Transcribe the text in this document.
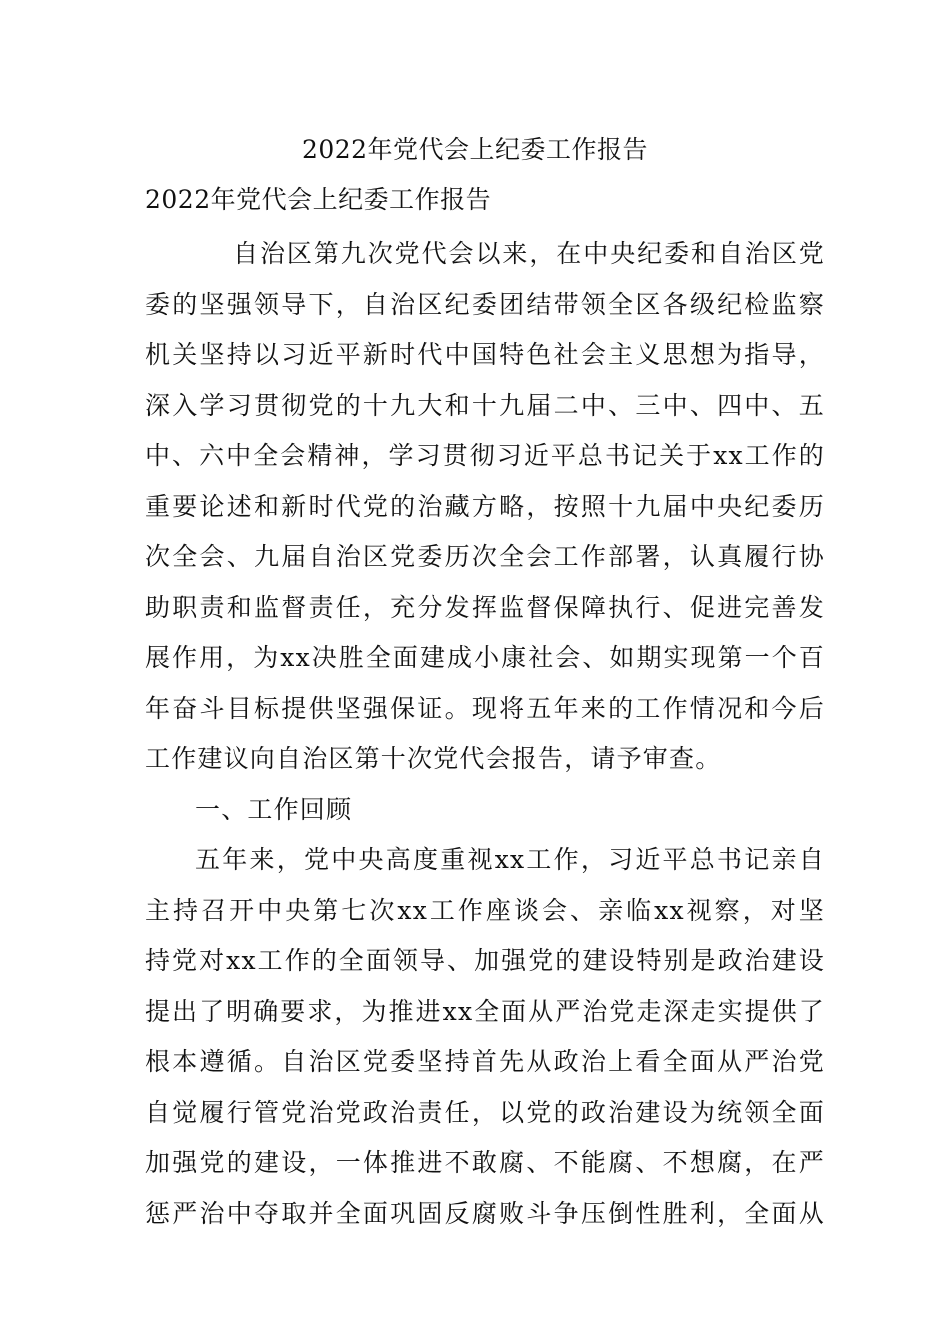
2022年党代会上纪委工作报告
2022年党代会上纪委工作报告
自治区第九次党代会以来，在中央纪委和自治区党
委的坚强领导下，自治区纪委团结带领全区各级纪检监察
机关坚持以习近平新时代中国特色社会主义思想为指导，
深入学习贯彻党的十九大和十九届二中、三中、四中、五
中、六中全会精神，学习贯彻习近平总书记关于xx工作的
重要论述和新时代党的治藏方略，按照十九届中央纪委历
次全会、九届自治区党委历次全会工作部署，认真履行协
助职责和监督责任，充分发挥监督保障执行、促进完善发
展作用，为xx决胜全面建成小康社会、如期实现第一个百
年奋斗目标提供坚强保证。现将五年来的工作情况和今后
工作建议向自治区第十次党代会报告，请予审查。
一、工作回顾
五年来，党中央高度重视xx工作，习近平总书记亲自
主持召开中央第七次xx工作座谈会、亲临xx视察，对坚
持党对xx工作的全面领导、加强党的建设特别是政治建设
提出了明确要求，为推进xx全面从严治党走深走实提供了
根本遵循。自治区党委坚持首先从政治上看全面从严治党
自觉履行管党治党政治责任，以党的政治建设为统领全面
加强党的建设，一体推进不敢腐、不能腐、不想腐，在严
惩严治中夺取并全面巩固反腐败斗争压倒性胜利，全面从
